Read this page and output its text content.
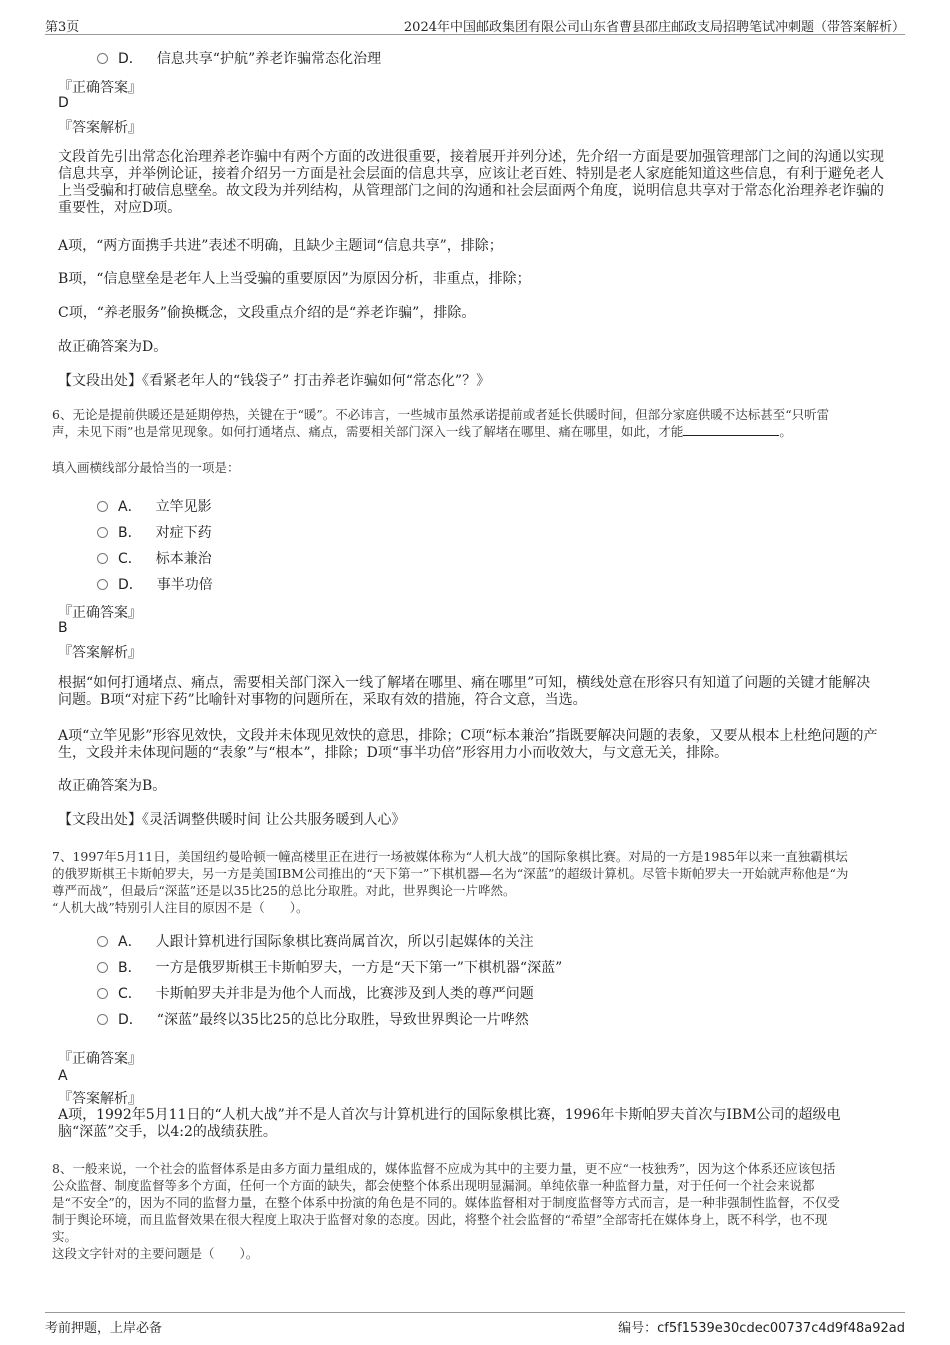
第3页	2024年中国邮政集团有限公司山东省曹县邵庄邮政支局招聘笔试冲刺题（带答案解析）
D． 信息共享“护航”养老诈骗常态化治理
『正确答案』
D
『答案解析』
文段首先引出常态化治理养老诈骗中有两个方面的改进很重要，接着展开并列分述，先介绍一方面是要加强管理部门之间的沟通以实现信息共享，并举例论证，接着介绍另一方面是社会层面的信息共享，应该让老百姓、特别是老人家庭能知道这些信息，有利于避免老人上当受骗和打破信息壁垒。故文段为并列结构，从管理部门之间的沟通和社会层面两个角度，说明信息共享对于常态化治理养老诈骗的重要性，对应D项。
A项，“两方面携手共进”表述不明确，且缺少主题词“信息共享”，排除；
B项，“信息壁垒是老年人上当受骗的重要原因”为原因分析，非重点，排除；
C项，“养老服务”偷换概念，文段重点介绍的是“养老诈骗”，排除。
故正确答案为D。
【文段出处】《看紧老年人的“钱袋子” 打击养老诈骗如何“常态化”？》
6、无论是提前供暖还是延期停热，关键在于“暖”。不必讳言，一些城市虽然承诺提前或者延长供暖时间，但部分家庭供暖不达标甚至“只听雷
声，未见下雨”也是常见现象。如何打通堵点、痛点，需要相关部门深入一线了解堵在哪里、痛在哪里，如此，才能	。
填入画横线部分最恰当的一项是：
A． 立竿见影
B． 对症下药
C． 标本兼治
D． 事半功倍
『正确答案』
B
『答案解析』
根据“如何打通堵点、痛点，需要相关部门深入一线了解堵在哪里、痛在哪里”可知，横线处意在形容只有知道了问题的关键才能解决问题。B项“对症下药”比喻针对事物的问题所在，采取有效的措施，符合文意，当选。
A项“立竿见影”形容见效快，文段并未体现见效快的意思，排除；C项“标本兼治”指既要解决问题的表象，又要从根本上杜绝问题的产生，文段并未体现问题的“表象”与“根本”，排除；D项“事半功倍”形容用力小而收效大，与文意无关，排除。
故正确答案为B。
【文段出处】《灵活调整供暖时间 让公共服务暖到人心》
7、1997年5月11日，美国纽约曼哈顿一幢高楼里正在进行一场被媒体称为“人机大战”的国际象棋比赛。对局的一方是1985年以来一直独霸棋坛
的俄罗斯棋王卡斯帕罗夫，另一方是美国IBM公司推出的“天下第一”下棋机器—名为“深蓝”的超级计算机。尽管卡斯帕罗夫一开始就声称他是“为
尊严而战”，但最后“深蓝”还是以35比25的总比分取胜。对此，世界舆论一片哗然。
“人机大战”特别引人注目的原因不是（　　）。
A． 人跟计算机进行国际象棋比赛尚属首次，所以引起媒体的关注
B． 一方是俄罗斯棋王卡斯帕罗夫，一方是“天下第一”下棋机器“深蓝”
C． 卡斯帕罗夫并非是为他个人而战，比赛涉及到人类的尊严问题
D． “深蓝”最终以35比25的总比分取胜，导致世界舆论一片哗然
『正确答案』
A
『答案解析』
A项，1992年5月11日的“人机大战”并不是人首次与计算机进行的国际象棋比赛，1996年卡斯帕罗夫首次与IBM公司的超级电
脑“深蓝”交手，以4:2的战绩获胜。
8、一般来说，一个社会的监督体系是由多方面力量组成的，媒体监督不应成为其中的主要力量，更不应“一枝独秀”，因为这个体系还应该包括
公众监督、制度监督等多个方面，任何一个方面的缺失，都会使整个体系出现明显漏洞。单纯依靠一种监督力量，对于任何一个社会来说都
是“不安全”的，因为不同的监督力量，在整个体系中扮演的角色是不同的。媒体监督相对于制度监督等方式而言，是一种非强制性监督，不仅受
制于舆论环境，而且监督效果在很大程度上取决于监督对象的态度。因此，将整个社会监督的“希望”全部寄托在媒体身上，既不科学，也不现
实。
这段文字针对的主要问题是（　　）。
考前押题，上岸必备	编号：cf5f1539e30cdec00737c4d9f48a92ad
